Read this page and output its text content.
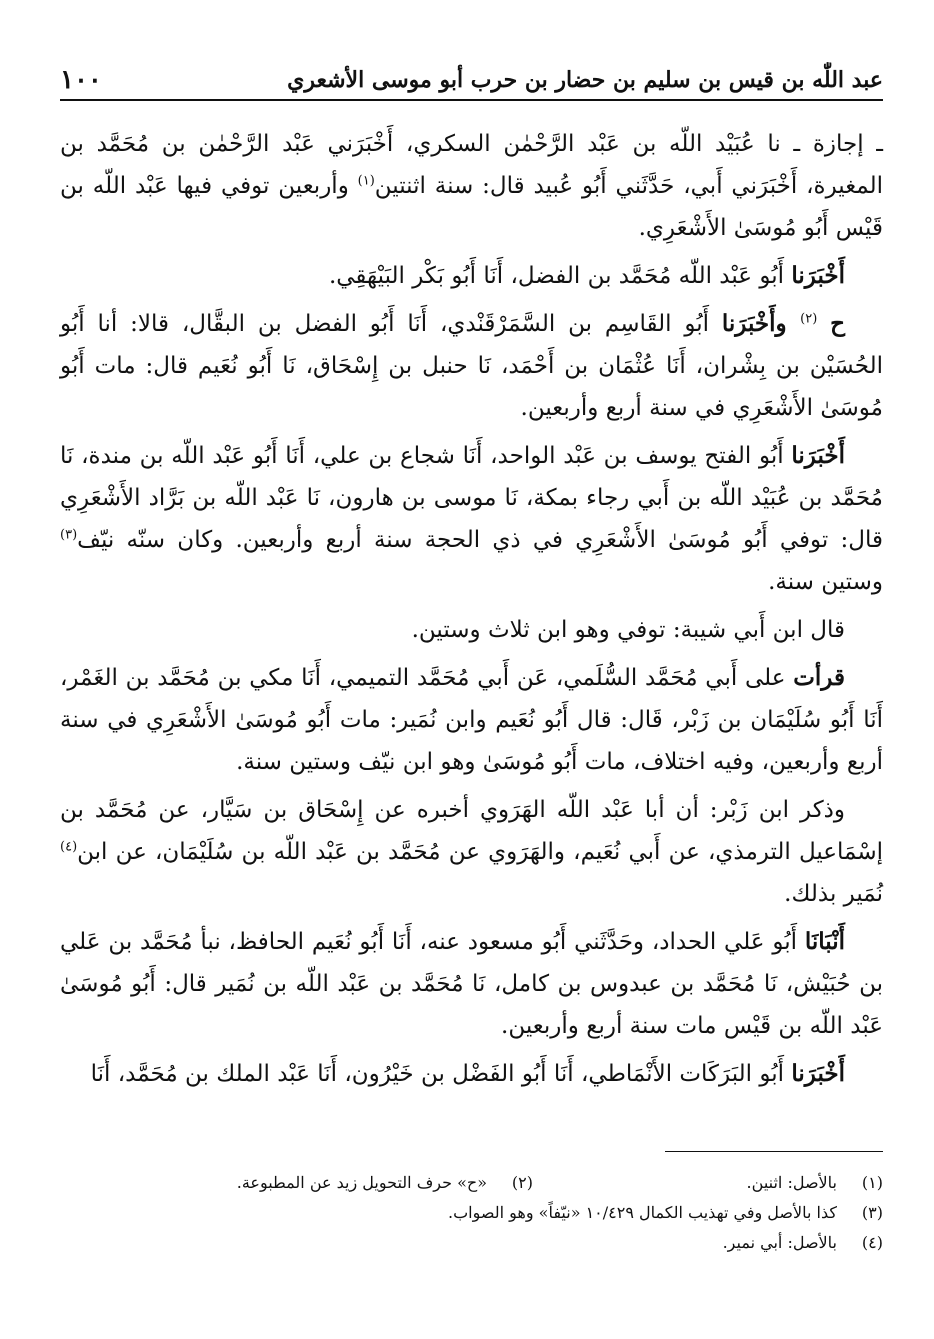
عبد اللّٰه بن قيس بن سليم بن حضار بن حرب أبو موسى الأشعري
١٠٠

ـ إجازة ـ نا عُبَيْد اللّه بن عَبْد الرَّحْمٰن السكري، أَخْبَرَني عَبْد الرَّحْمٰن بن مُحَمَّد بن المغيرة، أَخْبَرَني أَبي، حَدَّثَني أَبُو عُبيد قال: سنة اثنتين$^{(١)}$ وأربعين توفي فيها عَبْد اللّه بن قَيْس أَبُو مُوسَىٰ الأَشْعَرِي.

أَخْبَرَنا أَبُو عَبْد اللّه مُحَمَّد بن الفضل، أَنَا أَبُو بَكْر البَيْهَقِي.

ح $^{(٢)}$ وأَخْبَرَنا أَبُو القَاسِم بن السَّمَرْقَنْدي، أَنَا أَبُو الفضل بن البقَّال، قالا: أنا أَبُو الحُسَيْن بن بِشْران، أَنَا عُثْمَان بن أَحْمَد، نَا حنبل بن إِسْحَاق، نَا أَبُو نُعَيم قال: مات أَبُو مُوسَىٰ الأَشْعَرِي في سنة أربع وأربعين.

أَخْبَرَنا أَبُو الفتح يوسف بن عَبْد الواحد، أَنَا شجاع بن علي، أَنَا أَبُو عَبْد اللّه بن مندة، نَا مُحَمَّد بن عُبَيْد اللّه بن أَبي رجاء بمكة، نَا موسى بن هارون، نَا عَبْد اللّه بن بَرَّاد الأَشْعَرِي قال: توفي أَبُو مُوسَىٰ الأَشْعَرِي في ذي الحجة سنة أربع وأربعين. وكان سنّه نيّف$^{(٣)}$ وستين سنة.

قال ابن أَبي شيبة: توفي وهو ابن ثلاث وستين.

قرأت على أَبي مُحَمَّد السُّلَمي، عَن أَبي مُحَمَّد التميمي، أَنَا مكي بن مُحَمَّد بن الغَمْر، أَنَا أَبُو سُلَيْمَان بن زَبْر، قَال: قال أَبُو نُعَيم وابن نُمَير: مات أَبُو مُوسَىٰ الأَشْعَرِي في سنة أربع وأربعين، وفيه اختلاف، مات أَبُو مُوسَىٰ وهو ابن نيّف وستين سنة.

وذكر ابن زَبْر: أن أبا عَبْد اللّه الهَرَوي أخبره عن إِسْحَاق بن سَيَّار، عن مُحَمَّد بن إسْمَاعيل الترمذي، عن أَبي نُعَيم، والهَرَوي عن مُحَمَّد بن عَبْد اللّه بن سُلَيْمَان، عن ابن$^{(٤)}$ نُمَير بذلك.

أَنْبَانَا أَبُو عَلي الحداد، وحَدَّثَني أَبُو مسعود عنه، أَنَا أَبُو نُعَيم الحافظ، نبأ مُحَمَّد بن عَلي بن حُبَيْش، نَا مُحَمَّد بن عبدوس بن كامل، نَا مُحَمَّد بن عَبْد اللّه بن نُمَير قال: أَبُو مُوسَىٰ عَبْد اللّه بن قَيْس مات سنة أربع وأربعين.

أَخْبَرَنا أَبُو البَرَكَات الأَنْمَاطي، أَنَا أَبُو الفَضْل بن خَيْرُون، أَنَا عَبْد الملك بن مُحَمَّد، أَنَا

(١)
بالأصل: اثنين.
(٢)
«ح» حرف التحويل زيد عن المطبوعة.
(٣)
كذا بالأصل وفي تهذيب الكمال ١٠/٤٢٩ «نيّفاً» وهو الصواب.
(٤)
بالأصل: أبي نمير.
